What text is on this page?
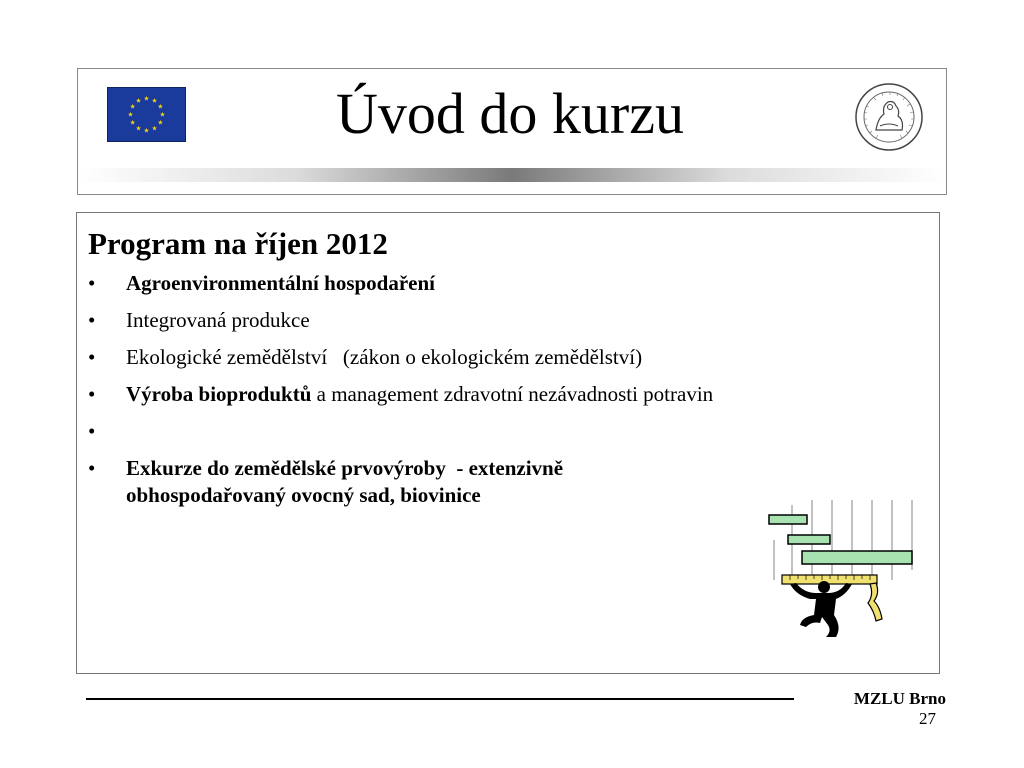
Úvod do kurzu
Program na říjen 2012
•	Agroenvironmentální hospodaření
•	Integrovaná produkce
•	Ekologické zemědělství   (zákon o ekologickém zemědělství)
•	Výroba bioproduktů a management zdravotní nezávadnosti potravin
•

•	Exkurze do zemědělské prvovýroby  - extenzivně obhospodařovaný ovocný sad, biovinice
MZLU Brno
27
